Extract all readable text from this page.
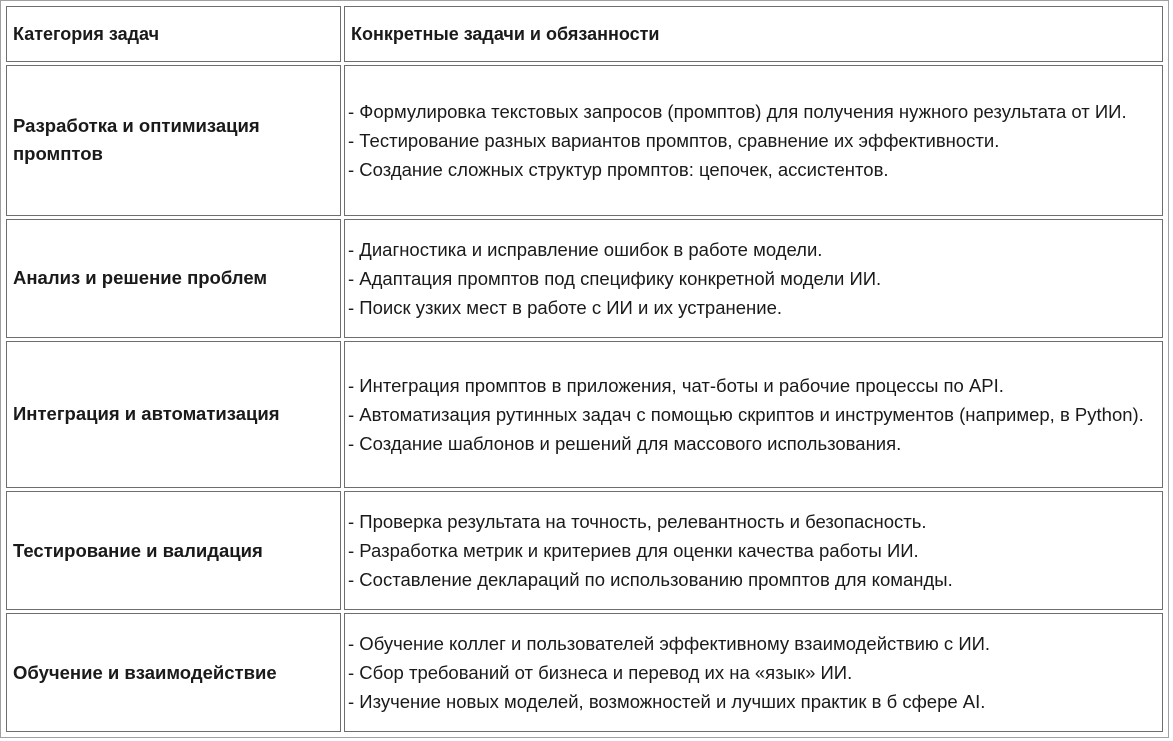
Категория задач	Конкретные задачи и обязанности
Разработка и оптимизация промптов	- Формулировка текстовых запросов (промптов) для получения нужного результата от ИИ.
- Тестирование разных вариантов промптов, сравнение их эффективности.
- Создание сложных структур промптов: цепочек, ассистентов.

Анализ и решение проблем	- Диагностика и исправление ошибок в работе модели.
- Адаптация промптов под специфику конкретной модели ИИ.
- Поиск узких мест в работе с ИИ и их устранение.

Интеграция и автоматизация	- Интеграция промптов в приложения, чат-боты и рабочие процессы по API.
- Автоматизация рутинных задач с помощью скриптов и инструментов (например, в Python).
- Создание шаблонов и решений для массового использования.

Тестирование и валидация	- Проверка результата на точность, релевантность и безопасность.
- Разработка метрик и критериев для оценки качества работы ИИ.
- Составление деклараций по использованию промптов для команды.

Обучение и взаимодействие	- Обучение коллег и пользователей эффективному взаимодействию с ИИ.
- Сбор требований от бизнеса и перевод их на «язык» ИИ.
- Изучение новых моделей, возможностей и лучших практик в б сфере AI.
